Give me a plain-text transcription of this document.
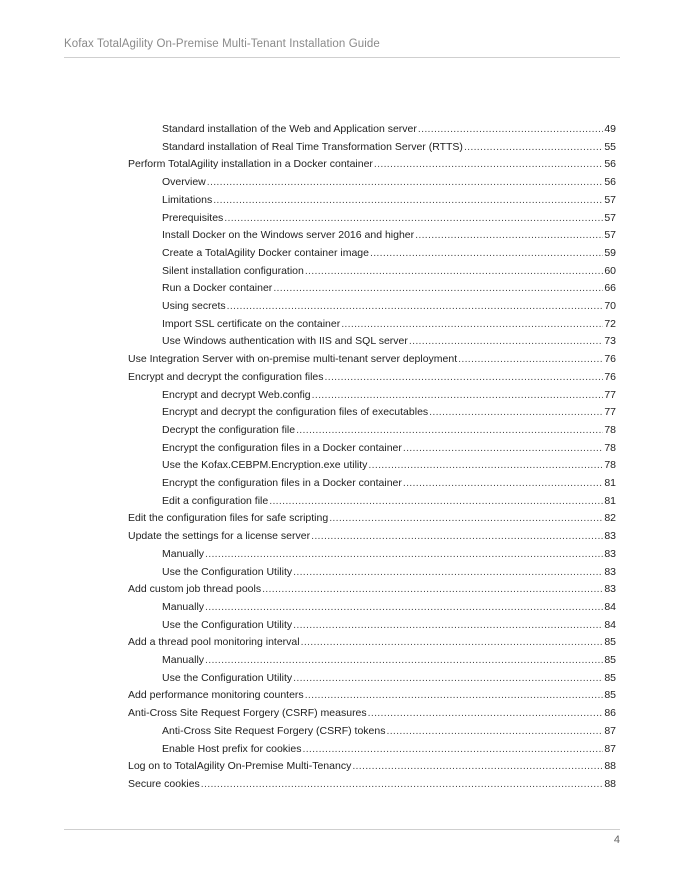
Kofax TotalAgility On-Premise Multi-Tenant Installation Guide
Standard installation of the Web and Application server .....	49
Standard installation of Real Time Transformation Server (RTTS) .....	55
Perform TotalAgility installation in a Docker container .....	56
Overview .....	56
Limitations .....	57
Prerequisites .....	57
Install Docker on the Windows server 2016 and higher .....	57
Create a TotalAgility Docker container image .....	59
Silent installation configuration .....	60
Run a Docker container .....	66
Using secrets .....	70
Import SSL certificate on the container .....	72
Use Windows authentication with IIS and SQL server .....	73
Use Integration Server with on-premise multi-tenant server deployment .....	76
Encrypt and decrypt the configuration files .....	76
Encrypt and decrypt Web.config .....	77
Encrypt and decrypt the configuration files of executables .....	77
Decrypt the configuration file .....	78
Encrypt the configuration files in a Docker container .....	78
Use the Kofax.CEBPM.Encryption.exe utility .....	78
Encrypt the configuration files in a Docker container .....	81
Edit a configuration file .....	81
Edit the configuration files for safe scripting .....	82
Update the settings for a license server .....	83
Manually .....	83
Use the Configuration Utility .....	83
Add custom job thread pools .....	83
Manually .....	84
Use the Configuration Utility .....	84
Add a thread pool monitoring interval .....	85
Manually .....	85
Use the Configuration Utility .....	85
Add performance monitoring counters .....	85
Anti-Cross Site Request Forgery (CSRF) measures .....	86
Anti-Cross Site Request Forgery (CSRF) tokens .....	87
Enable Host prefix for cookies .....	87
Log on to TotalAgility On-Premise Multi-Tenancy .....	88
Secure cookies .....	88
4
